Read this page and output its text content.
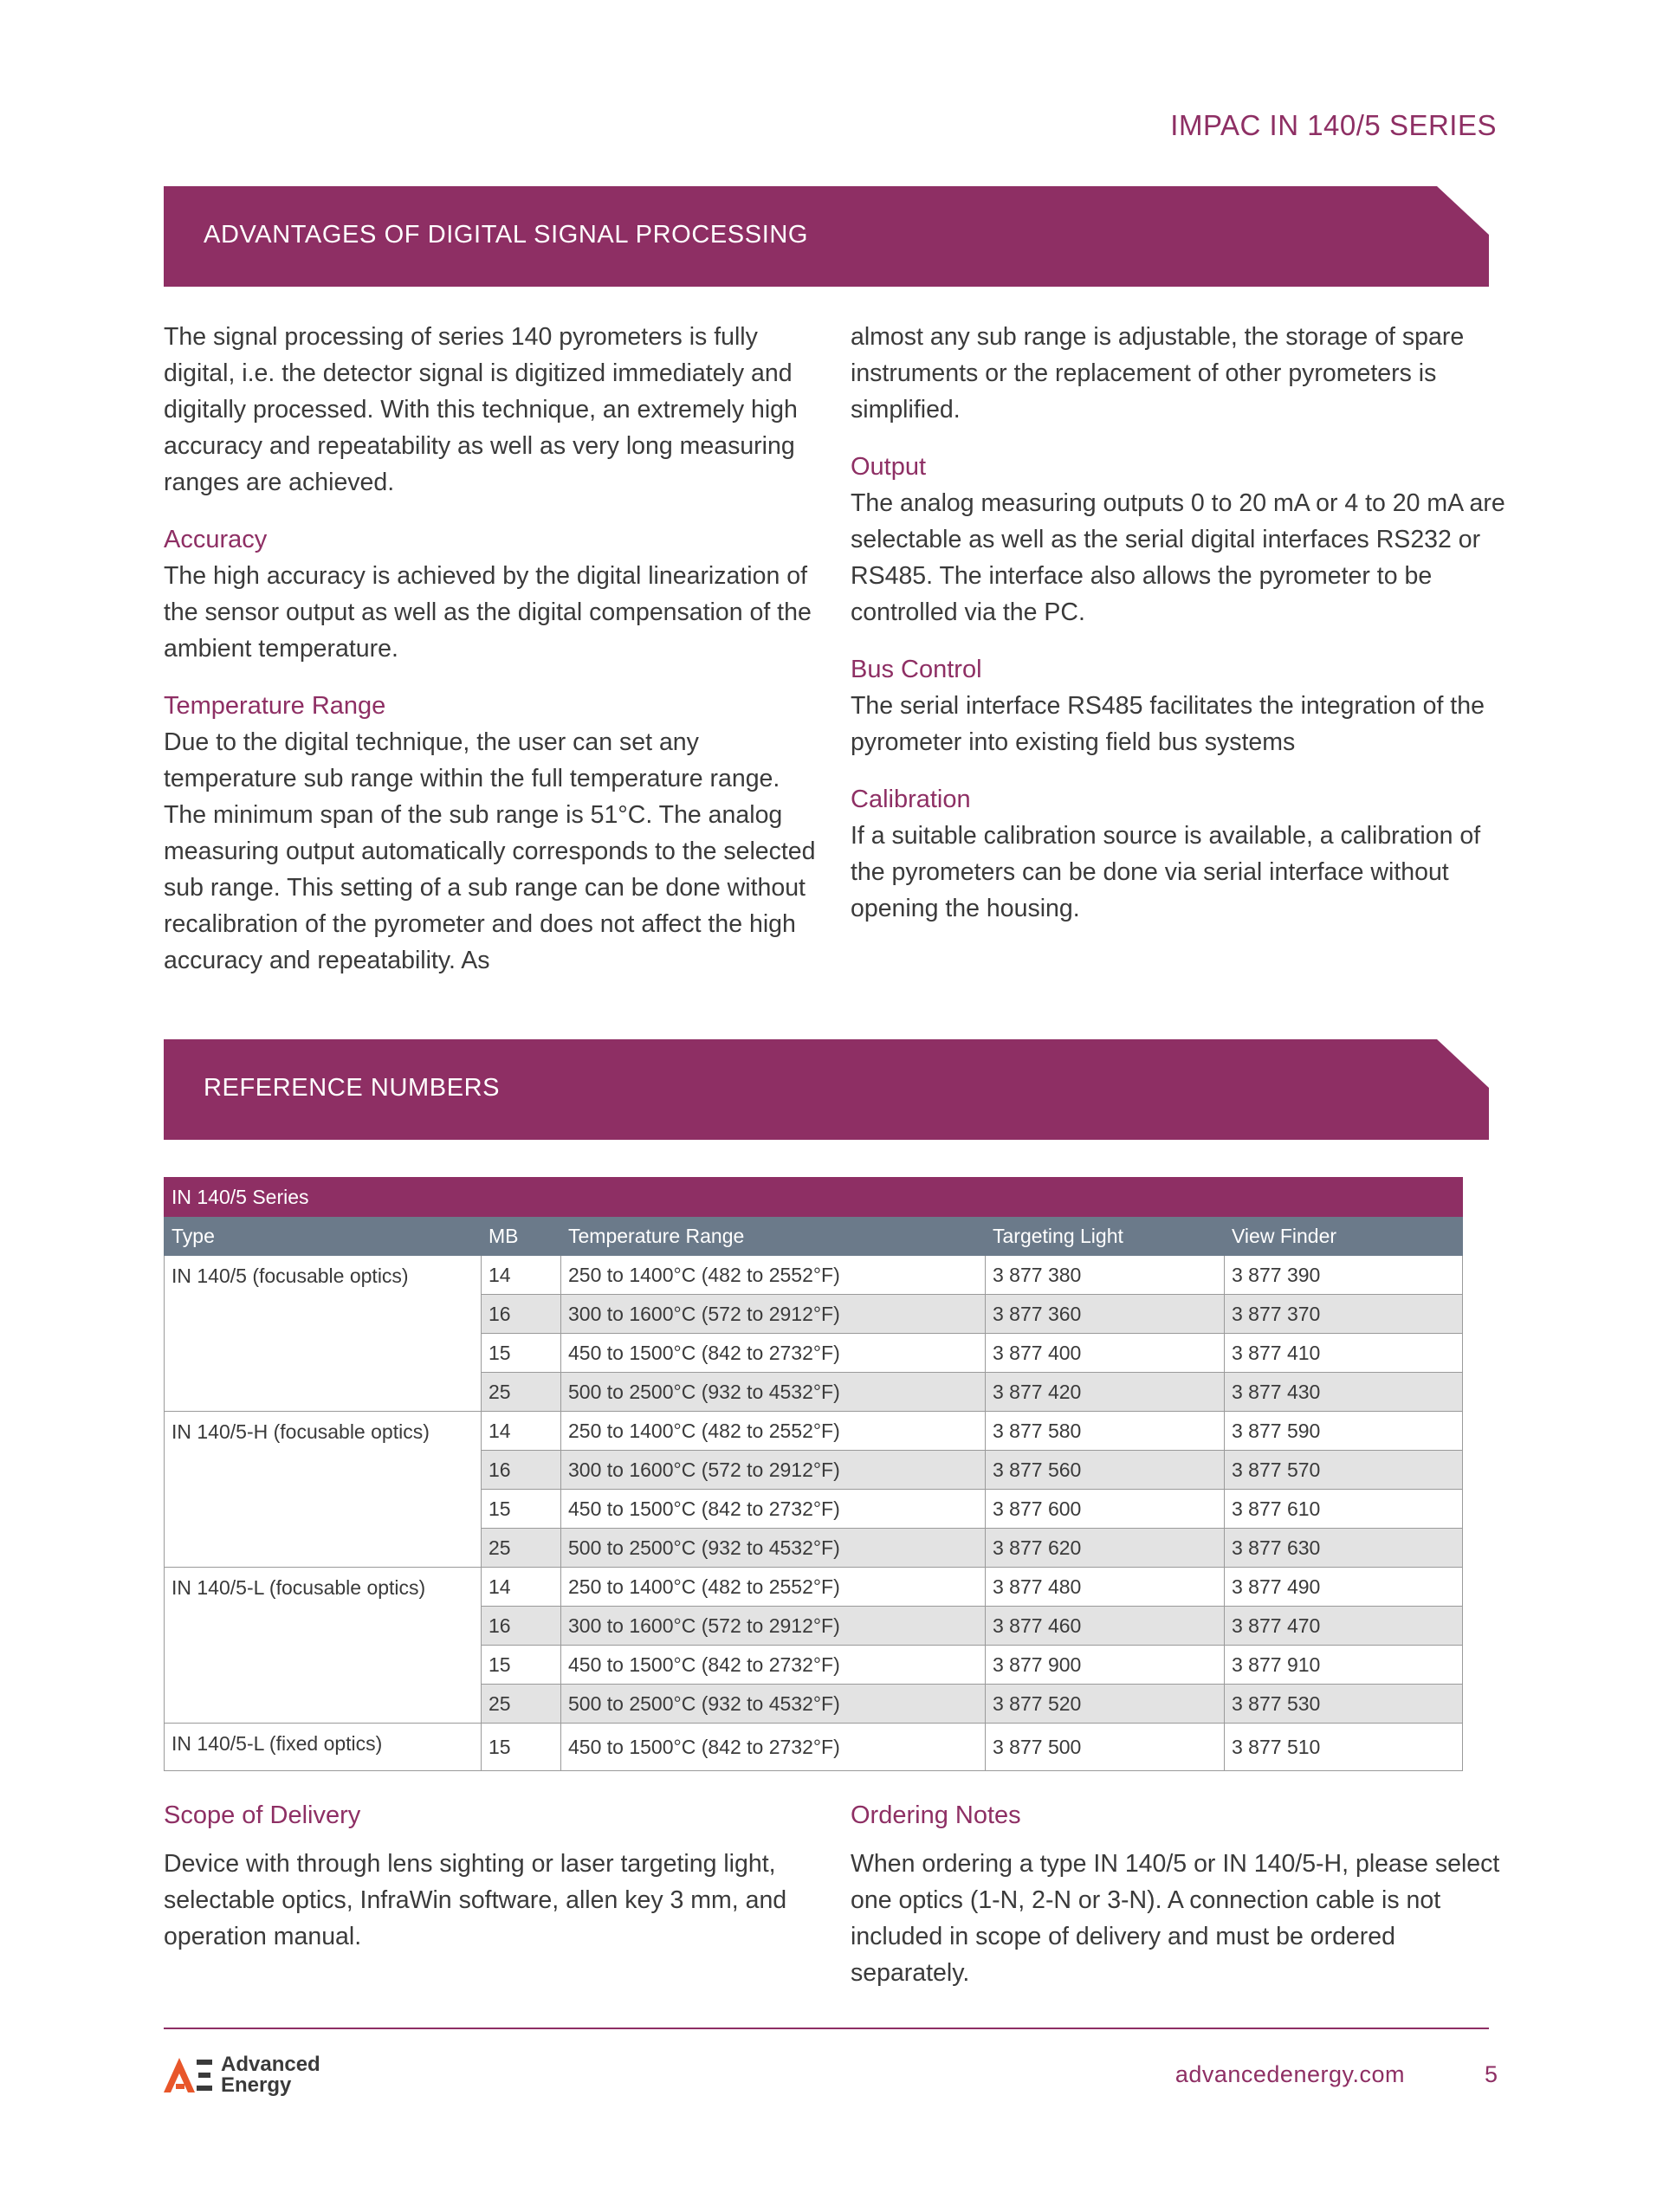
IMPAC IN 140/5 SERIES
ADVANTAGES OF DIGITAL SIGNAL PROCESSING

The signal processing of series 140 pyrometers is fully digital, i.e. the detector signal is digitized immediately and digitally processed. With this technique, an extremely high accuracy and repeatability as well as very long measuring ranges are achieved.

Accuracy

The high accuracy is achieved by the digital linearization of the sensor output as well as the digital compensation of the ambient temperature.

Temperature Range

Due to the digital technique, the user can set any temperature sub range within the full temperature range. The minimum span of the sub range is 51°C. The analog measuring output automatically corresponds to the selected sub range. This setting of a sub range can be done without recalibration of the pyrometer and does not affect the high accuracy and repeatability. As

almost any sub range is adjustable, the storage of spare instruments or the replacement of other pyrometers is simplified.

Output

The analog measuring outputs 0 to 20 mA or 4 to 20 mA are selectable as well as the serial digital interfaces RS232 or RS485. The interface also allows the pyrometer to be controlled via the PC.

Bus Control

The serial interface RS485 facilitates the integration of the pyrometer into existing field bus systems

Calibration

If a suitable calibration source is available, a calibration of the pyrometers can be done via serial interface without opening the housing.

REFERENCE NUMBERS
IN 140/5 Series				
Type	MB	Temperature Range	Targeting Light	View Finder
IN 140/5 (focusable optics)	14	250 to 1400°C (482 to 2552°F)	3 877 380	3 877 390
	16	300 to 1600°C (572 to 2912°F)	3 877 360	3 877 370
	15	450 to 1500°C (842 to 2732°F)	3 877 400	3 877 410
	25	500 to 2500°C (932 to 4532°F)	3 877 420	3 877 430
IN 140/5-H (focusable optics)	14	250 to 1400°C (482 to 2552°F)	3 877 580	3 877 590
	16	300 to 1600°C (572 to 2912°F)	3 877 560	3 877 570
	15	450 to 1500°C (842 to 2732°F)	3 877 600	3 877 610
	25	500 to 2500°C (932 to 4532°F)	3 877 620	3 877 630
IN 140/5-L (focusable optics)	14	250 to 1400°C (482 to 2552°F)	3 877 480	3 877 490
	16	300 to 1600°C (572 to 2912°F)	3 877 460	3 877 470
	15	450 to 1500°C (842 to 2732°F)	3 877 900	3 877 910
	25	500 to 2500°C (932 to 4532°F)	3 877 520	3 877 530
IN 140/5-L (fixed optics)	15	450 to 1500°C (842 to 2732°F)	3 877 500	3 877 510
Scope of Delivery

Device with through lens sighting or laser targeting light, selectable optics, InfraWin software, allen key 3 mm, and operation manual.

Ordering Notes

When ordering a type IN 140/5 or IN 140/5-H, please select one optics (1-N, 2-N or 3-N). A connection cable is not included in scope of delivery and must be ordered separately.

Advanced
Energy	advancedenergy.com	5
